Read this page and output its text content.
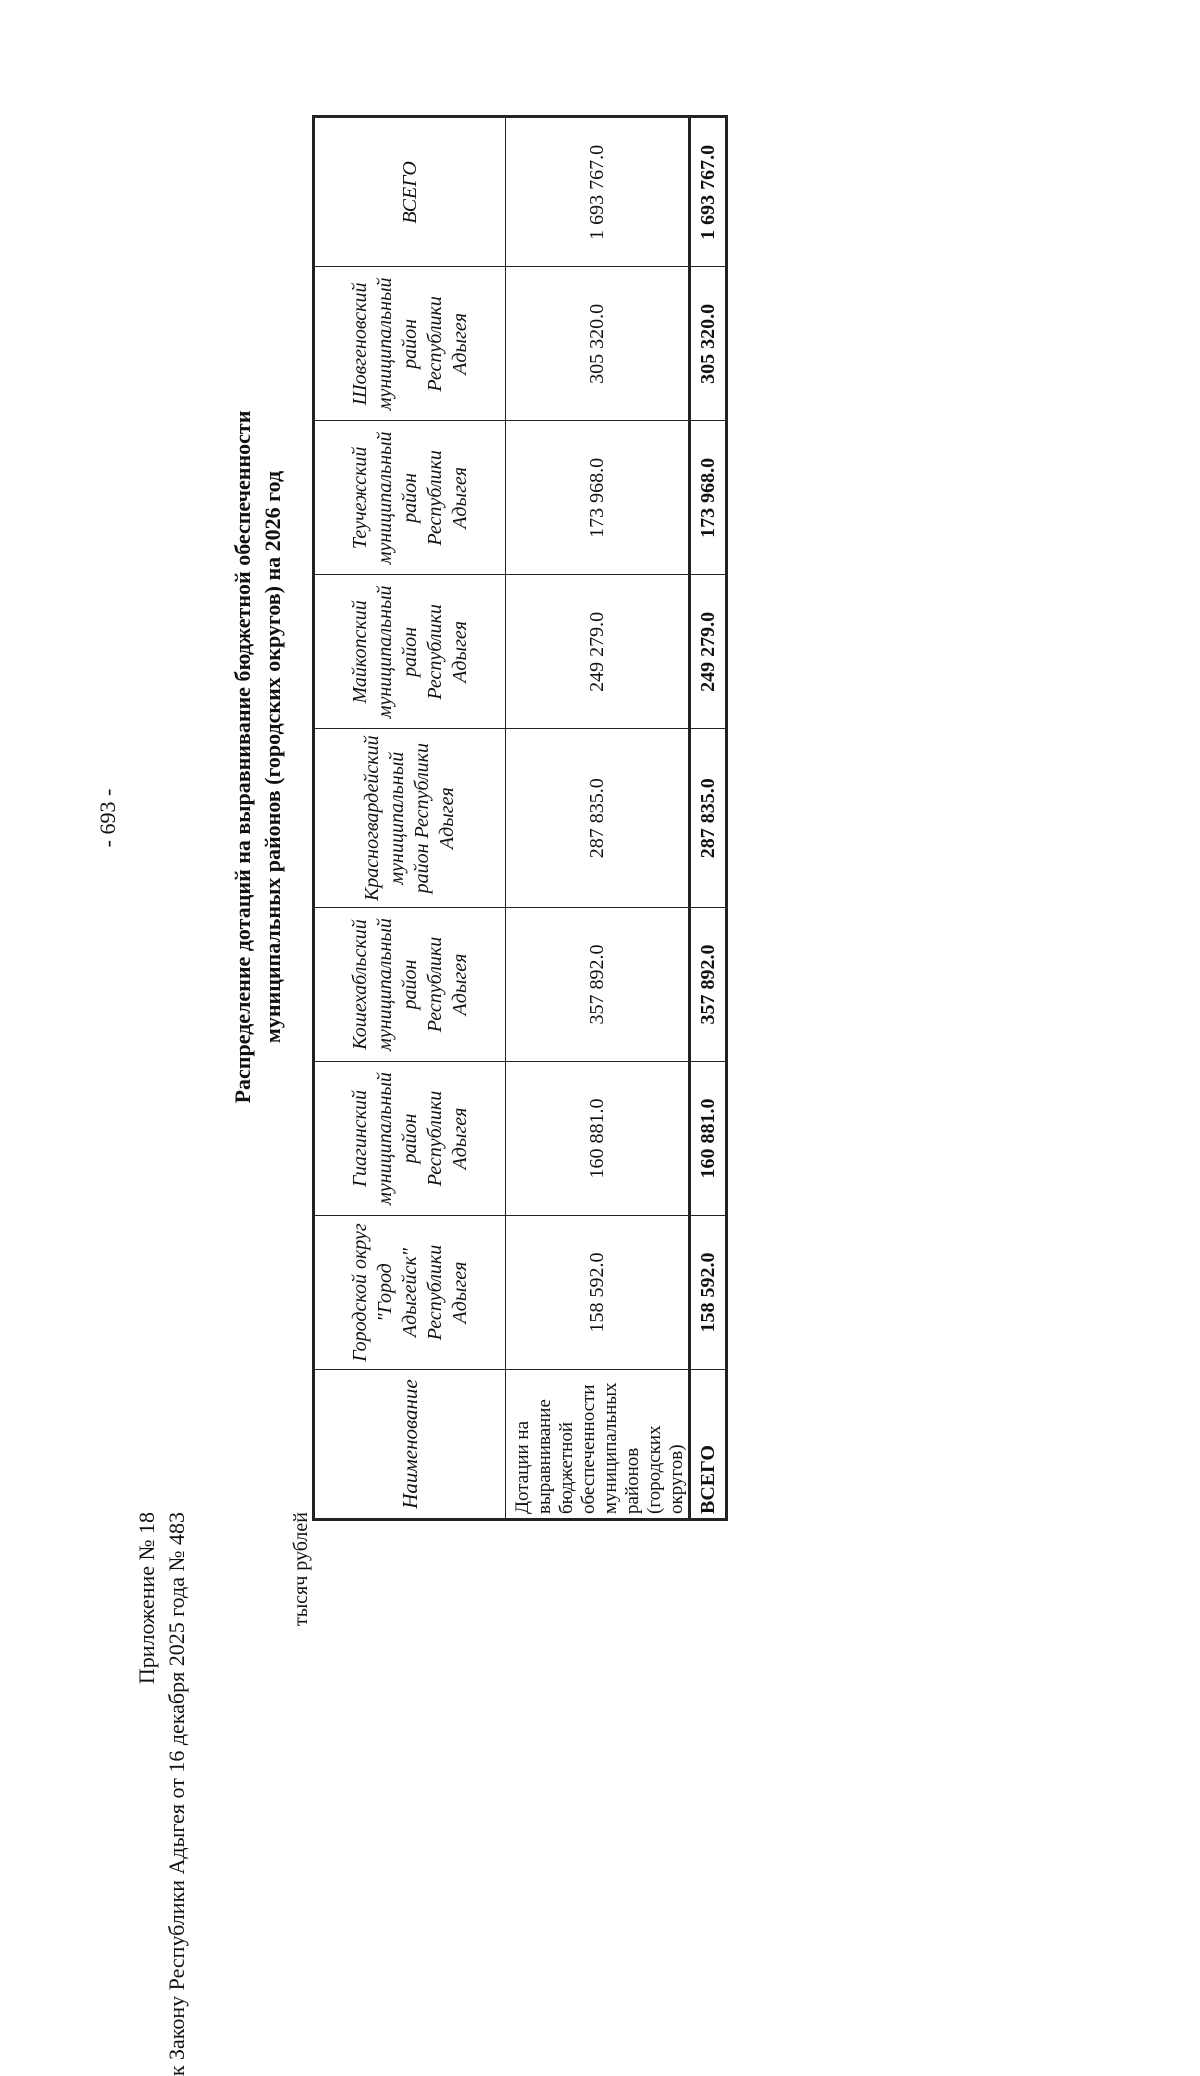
- 693 -
Приложение № 18 к Закону Республики Адыгея от 16 декабря 2025 года № 483
Распределение дотаций на выравнивание бюджетной обеспеченности муниципальных районов (городских округов) на 2026 год
тысяч рублей
Наименование	Городской округ "Город Адыгейск" Республики Адыгея	Гиагинский муниципальный район Республики Адыгея	Кошехабльский муниципальный район Республики Адыгея	Красногвардейский муниципальный район Республики Адыгея	Майкопский муниципальный район Республики Адыгея	Теучежский муниципальный район Республики Адыгея	Шовгеновский муниципальный район Республики Адыгея	ВСЕГО
Дотации на выравнивание бюджетной обеспеченности муниципальных районов (городских округов)	158 592.0	160 881.0	357 892.0	287 835.0	249 279.0	173 968.0	305 320.0	1 693 767.0
ВСЕГО	158 592.0	160 881.0	357 892.0	287 835.0	249 279.0	173 968.0	305 320.0	1 693 767.0
